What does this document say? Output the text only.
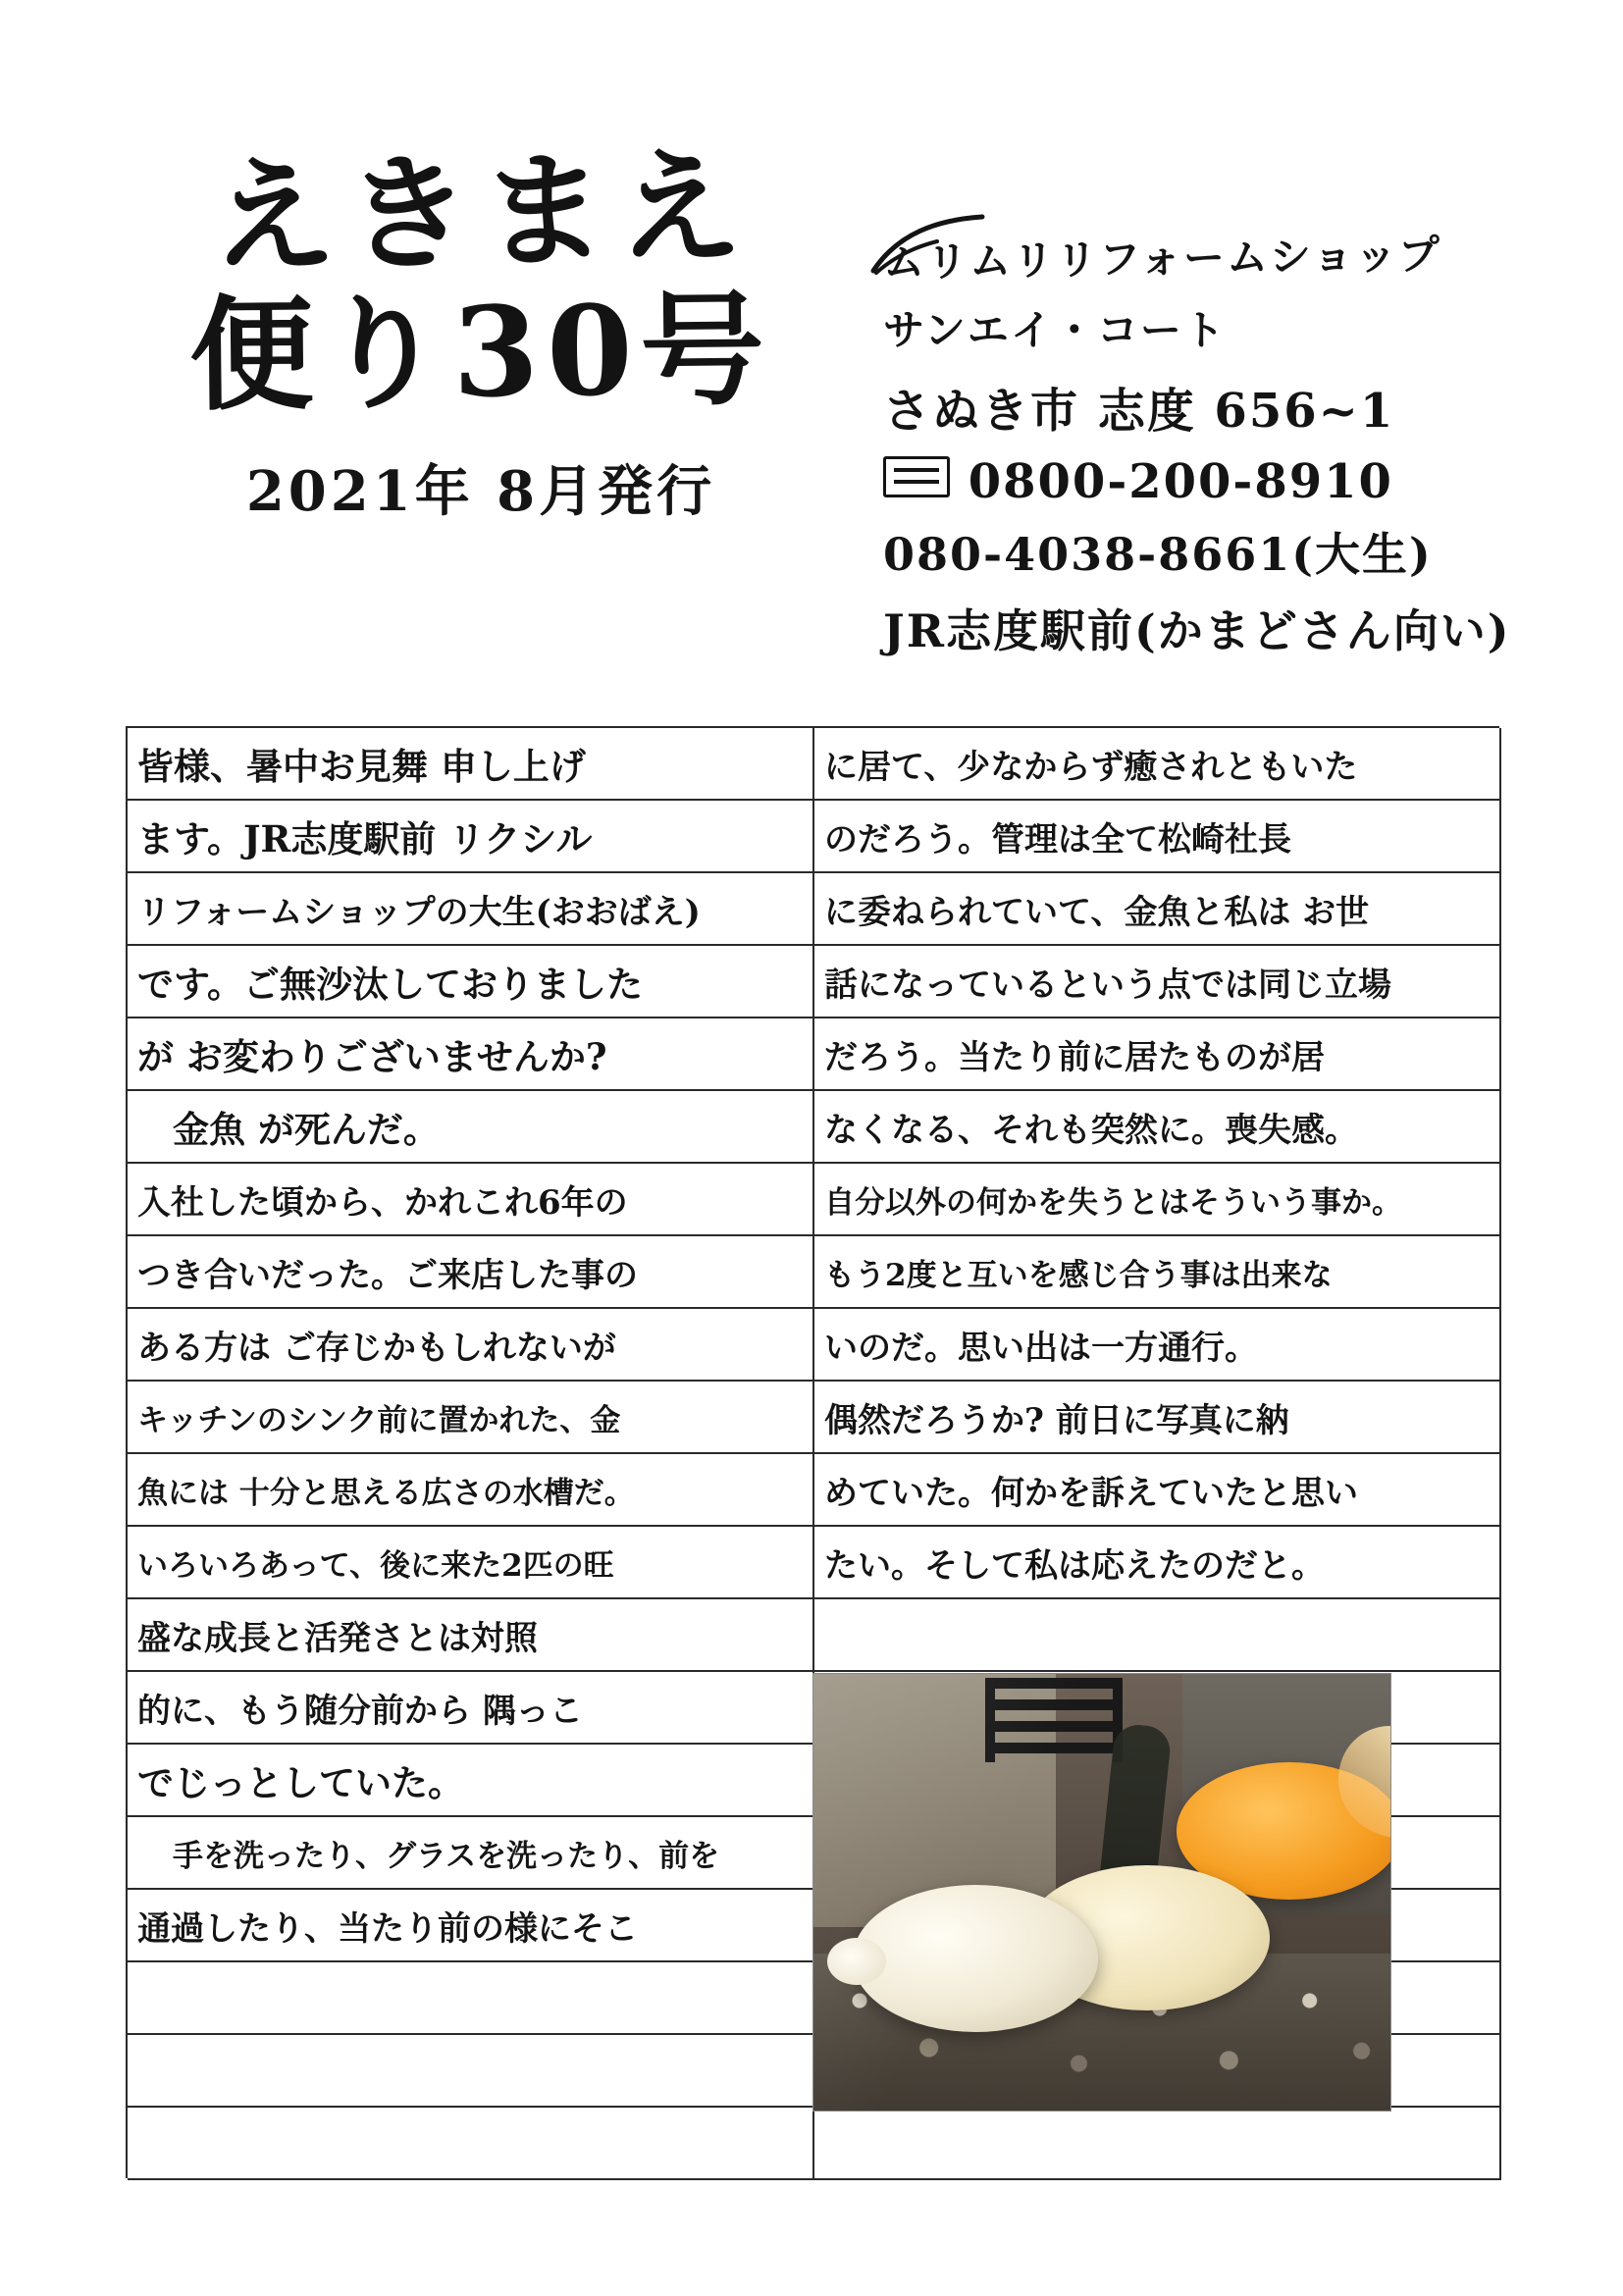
えきまえ
便り30号
2021年 8月発行
ムリムリリフォームショップ
サンエイ・コート
さぬき市 志度 656~1
0800-200-8910
080-4038-8661(大生)
JR志度駅前(かまどさん向い)
皆様、暑中お見舞 申し上げ
ます。JR志度駅前 リクシル
リフォームショップの大生(おおばえ)
です。ご無沙汰しておりました
が お変わりございませんか?
金魚 が死んだ。
入社した頃から、かれこれ6年の
つき合いだった。ご来店した事の
ある方は ご存じかもしれないが
キッチンのシンク前に置かれた、金
魚には 十分と思える広さの水槽だ。
いろいろあって、後に来た2匹の旺
盛な成長と活発さとは対照
的に、もう随分前から 隅っこ
でじっとしていた。
手を洗ったり、グラスを洗ったり、前を
通過したり、当たり前の様にそこ
に居て、少なからず癒されともいた
のだろう。管理は全て松崎社長
に委ねられていて、金魚と私は お世
話になっているという点では同じ立場
だろう。当たり前に居たものが居
なくなる、それも突然に。喪失感。
自分以外の何かを失うとはそういう事か。
もう2度と互いを感じ合う事は出来な
いのだ。思い出は一方通行。
偶然だろうか? 前日に写真に納
めていた。何かを訴えていたと思い
たい。そして私は応えたのだと。
